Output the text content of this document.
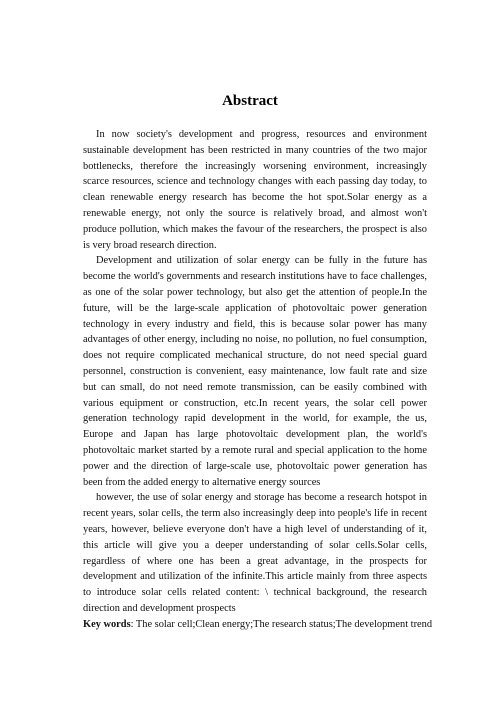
Abstract

In now society's development and progress, resources and environment sustainable development has been restricted in many countries of the two major bottlenecks, therefore the increasingly worsening environment, increasingly scarce resources, science and technology changes with each passing day today, to clean renewable energy research has become the hot spot.Solar energy as a renewable energy, not only the source is relatively broad, and almost won't produce pollution, which makes the favour of the researchers, the prospect is also is very broad research direction.

Development and utilization of solar energy can be fully in the future has become the world's governments and research institutions have to face challenges, as one of the solar power technology, but also get the attention of people.In the future, will be the large-scale application of photovoltaic power generation technology in every industry and field, this is because solar power has many advantages of other energy, including no noise, no pollution, no fuel consumption, does not require complicated mechanical structure, do not need special guard personnel, construction is convenient, easy maintenance, low fault rate and size but can small, do not need remote transmission, can be easily combined with various equipment or construction, etc.In recent years, the solar cell power generation technology rapid development in the world, for example, the us, Europe and Japan has large photovoltaic development plan, the world's photovoltaic market started by a remote rural and special application to the home power and the direction of large-scale use, photovoltaic power generation has been from the added energy to alternative energy sources

however, the use of solar energy and storage has become a research hotspot in recent years, solar cells, the term also increasingly deep into people's life in recent years, however, believe everyone don't have a high level of understanding of it, this article will give you a deeper understanding of solar cells.Solar cells, regardless of where one has been a great advantage, in the prospects for development and utilization of the infinite.This article mainly from three aspects to introduce solar cells related content: \ technical background, the research direction and development prospects

Key words: The solar cell;Clean energy;The research status;The development trend
